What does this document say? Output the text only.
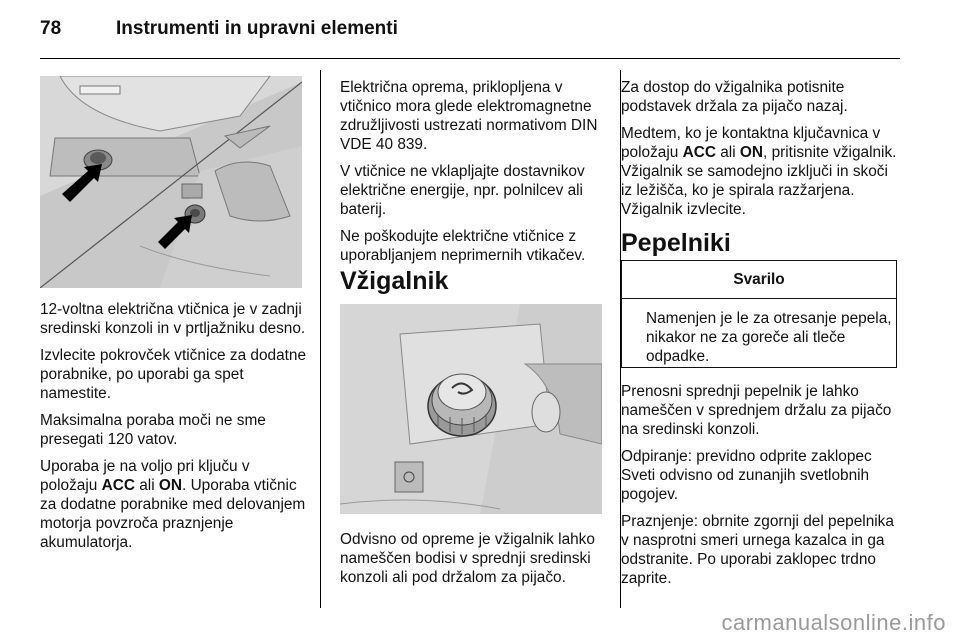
78	Instrumenti in upravni elementi

12-voltna električna vtičnica je v zadnji sredinski konzoli in v prtljažniku desno.

Izvlecite pokrovček vtičnice za dodatne porabnike, po uporabi ga spet namestite.

Maksimalna poraba moči ne sme presegati 120 vatov.

Uporaba je na voljo pri ključu v položaju ACC ali ON. Uporaba vtičnic za dodatne porabnike med delovanjem motorja povzroča praznjenje akumulatorja.

Električna oprema, priklopljena v vtičnico mora glede elektromagnetne združljivosti ustrezati normativom DIN VDE 40 839.

V vtičnice ne vklapljajte dostavnikov električne energije, npr. polnilcev ali baterij.

Ne poškodujte električne vtičnice z uporabljanjem neprimernih vtikačev.

Vžigalnik

Odvisno od opreme je vžigalnik lahko nameščen bodisi v sprednji sredinski konzoli ali pod držalom za pijačo.

Za dostop do vžigalnika potisnite podstavek držala za pijačo nazaj.

Medtem, ko je kontaktna ključavnica v položaju ACC ali ON, pritisnite vžigalnik. Vžigalnik se samodejno izključi in skoči iz ležišča, ko je spirala razžarjena. Vžigalnik izvlecite.

Pepelniki
Svarilo
Namenjen je le za otresanje pepela, nikakor ne za goreče ali tleče odpadke.

Prenosni sprednji pepelnik je lahko nameščen v sprednjem držalu za pijačo na sredinski konzoli.

Odpiranje: previdno odprite zaklopec Sveti odvisno od zunanjih svetlobnih pogojev.

Praznjenje: obrnite zgornji del pepelnika v nasprotni smeri urnega kazalca in ga odstranite. Po uporabi zaklopec trdno zaprite.

carmanualsonline.info
